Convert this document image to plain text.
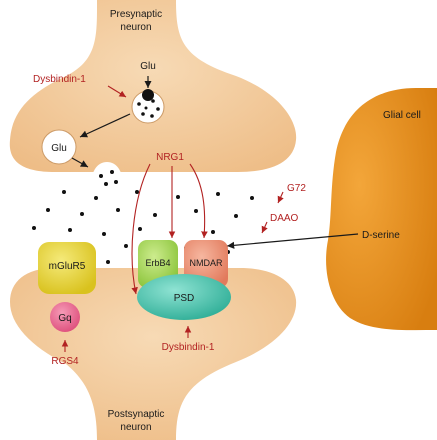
Presynaptic
neuron
Glu
Dysbindin-1
Glu
NRG1
Glial cell
G72
DAAO
D-serine
mGluR5	ErbB4 NMDAR
PSD
Gq
RGS4
Dysbindin-1
Postsynaptic
neuron
